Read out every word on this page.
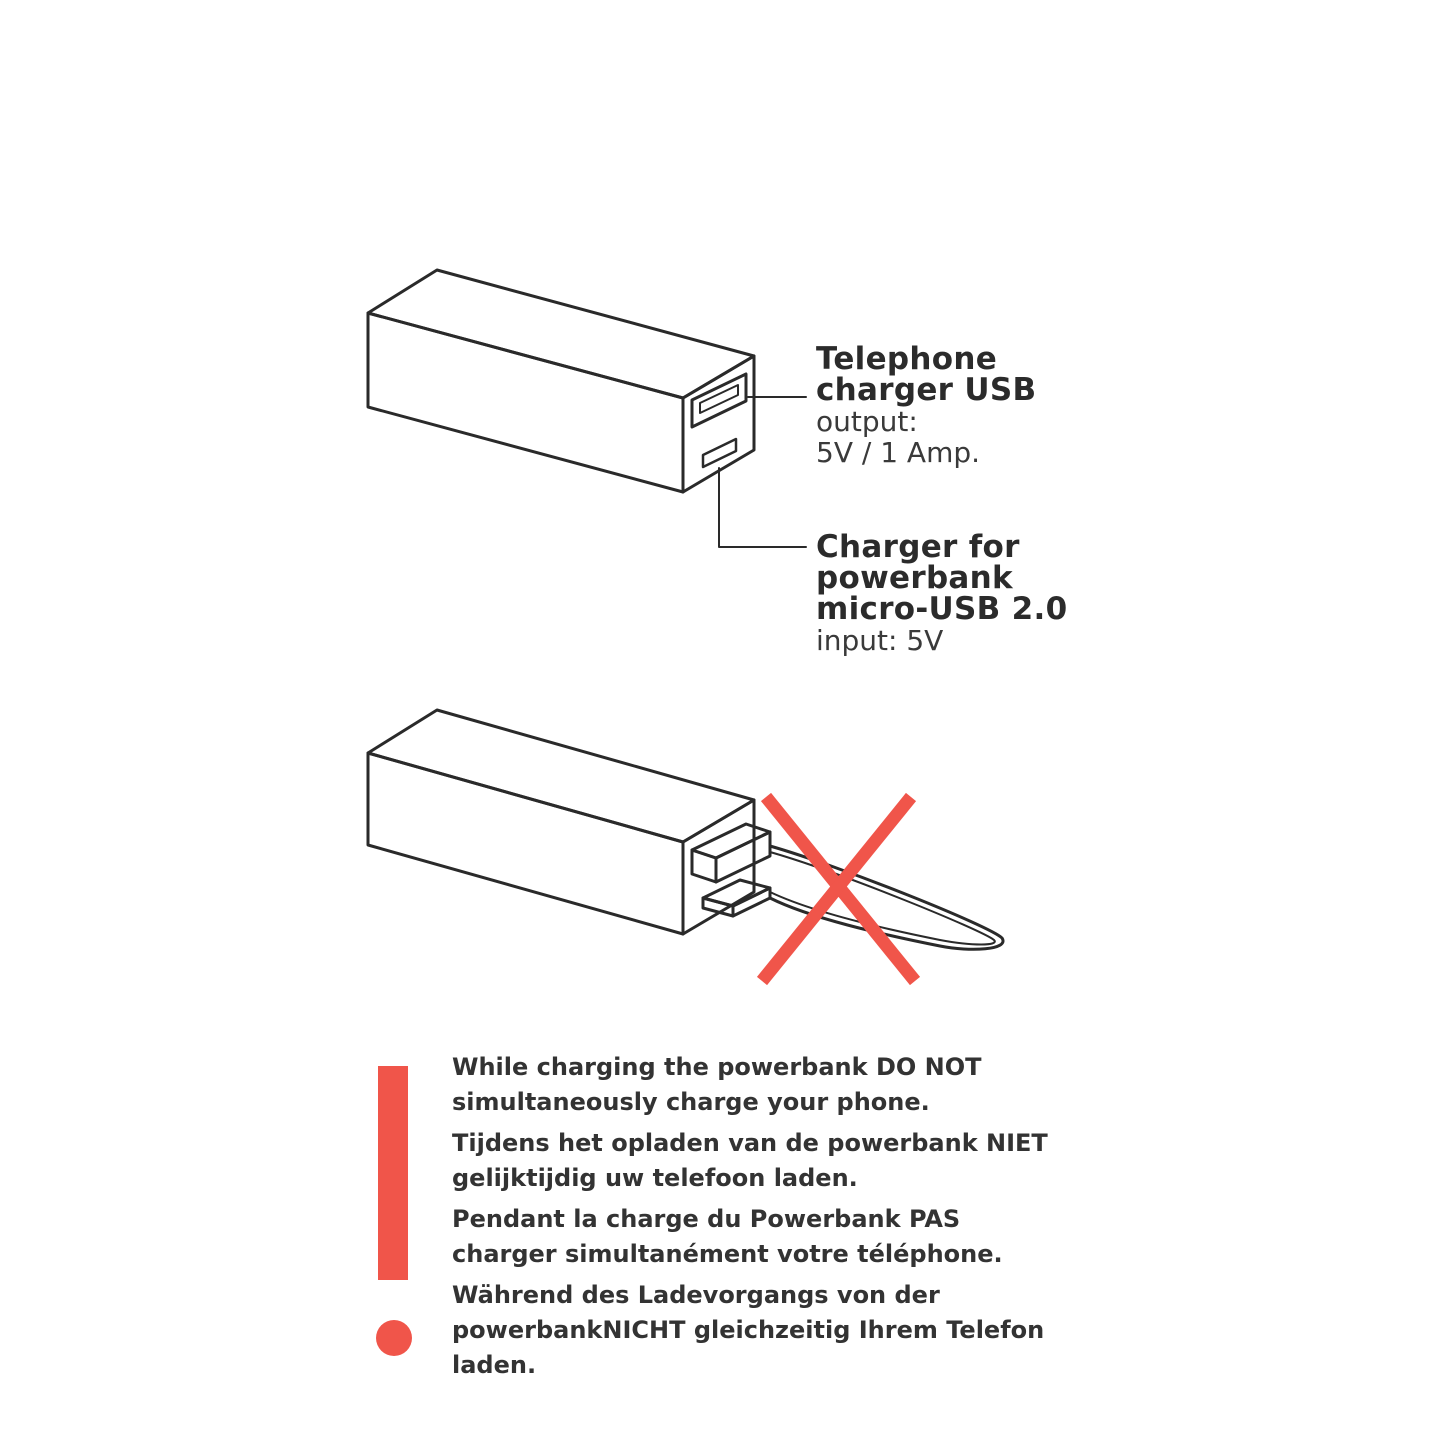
Telephone
charger USB
output:
5V / 1 Amp.
Charger for
powerbank
micro-USB 2.0
input: 5V

While charging the powerbank DO NOT
simultaneously charge your phone.

Tijdens het opladen van de powerbank NIET
gelijktijdig uw telefoon laden.

Pendant la charge du Powerbank PAS
charger simultanément votre téléphone.

Während des Ladevorgangs von der
powerbankNICHT gleichzeitig Ihrem Telefon
laden.
